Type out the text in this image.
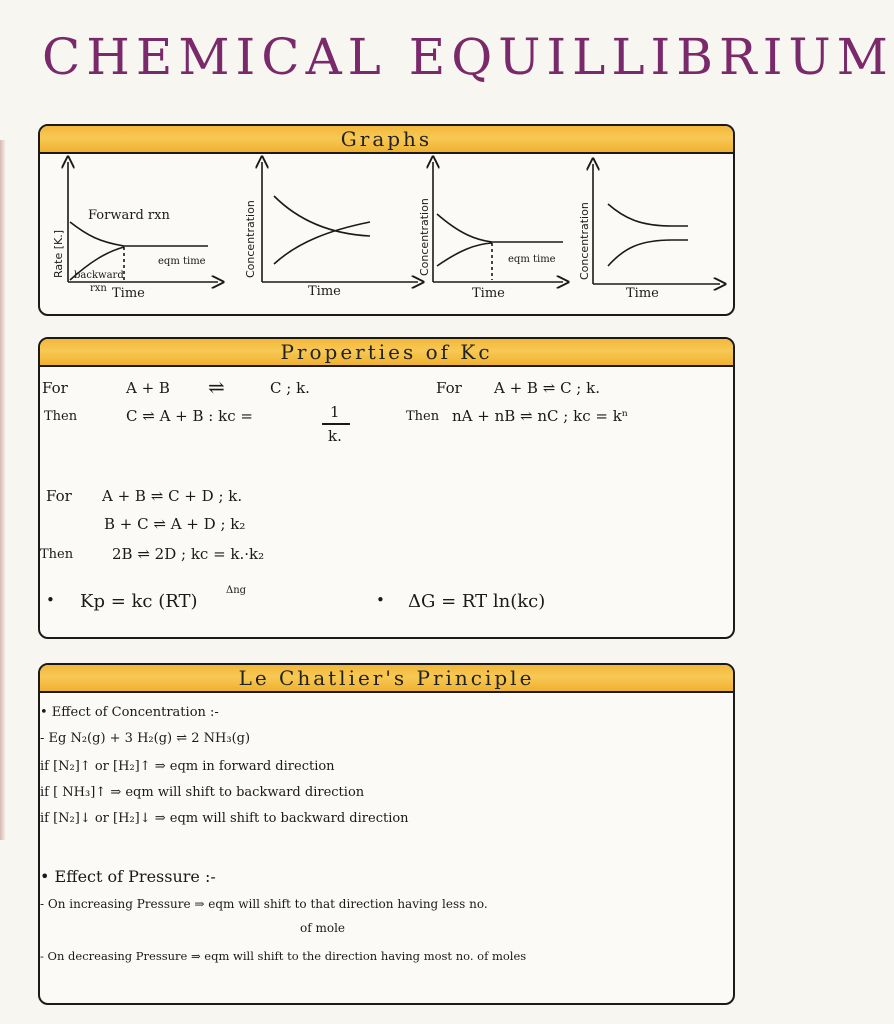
CHEMICAL EQUILLIBRIUM
Graphs
Rate [K.]
Forward rxn
backward
rxn
eqm time
Time
Concentration
Time
Concentration	eqm time
Time
Concentration
Time
Properties of Kc
For	A + B ⇌	C ; k.
Then	C ⇌ A + B : kc =	1
k.
For A + B ⇌ C ; k.
Then nA + nB ⇌ nC ; kc = kⁿ
For A + B ⇌ C + D ; k.
B + C ⇌ A + D ; k₂
Then	2B ⇌ 2D ; kc = k.·k₂
• Kp = kc (RT)
Δng
• ΔG = RT ln(kc)
Le Chatlier's Principle
• Effect of Concentration :-
- Eg N₂(g) + 3 H₂(g) ⇌ 2 NH₃(g)
if [N₂]↑ or [H₂]↑ ⇒ eqm in forward direction
if [ NH₃]↑ ⇒ eqm will shift to backward direction
if [N₂]↓ or [H₂]↓ ⇒ eqm will shift to backward direction
• Effect of Pressure :-
- On increasing Pressure ⇒ eqm will shift to that direction having less no.
of mole
- On decreasing Pressure ⇒ eqm will shift to the direction having most no. of moles
